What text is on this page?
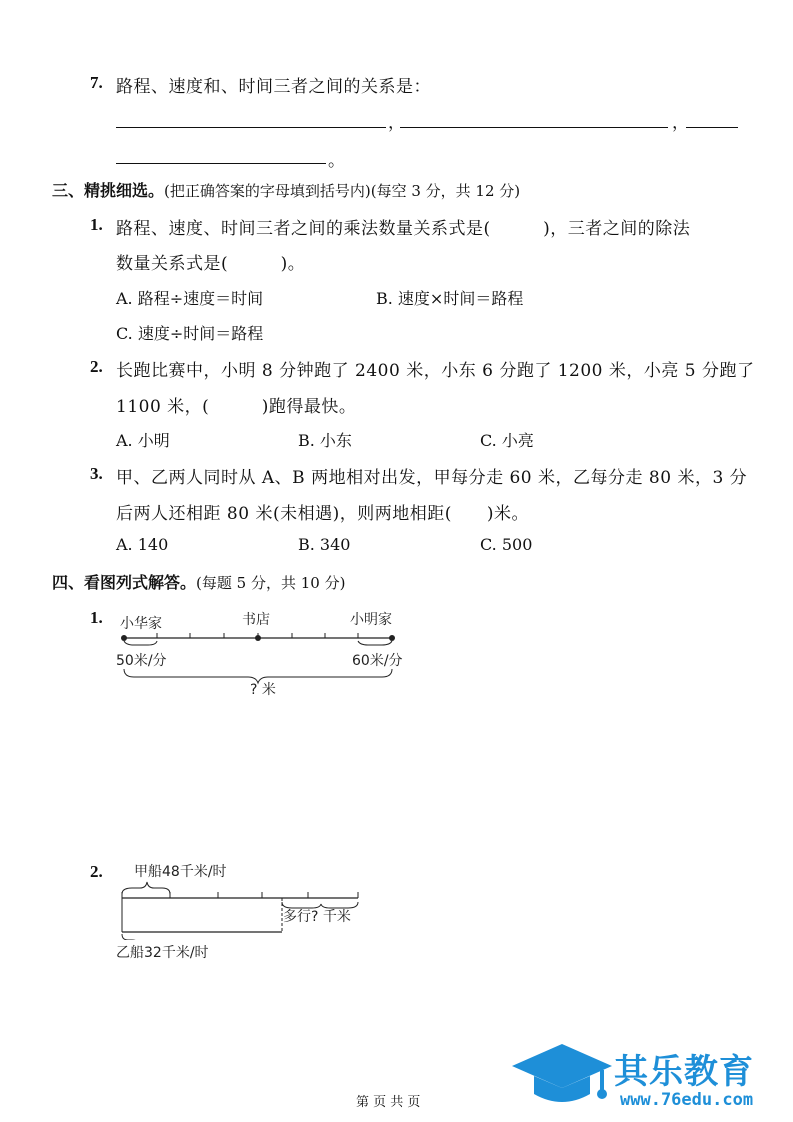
7. 路程、速度和、时间三者之间的关系是：
，	，
。
三、精挑细选。(把正确答案的字母填到括号内)(每空 3 分，共 12 分)
1. 路程、速度、时间三者之间的乘法数量关系式是(　　　)，三者之间的除法
数量关系式是(　　　)。
A. 路程÷速度＝时间	B. 速度×时间＝路程
C. 速度÷时间＝路程
2. 长跑比赛中，小明 8 分钟跑了 2400 米，小东 6 分跑了 1200 米，小亮 5 分跑了
1100 米，(　　　)跑得最快。
A. 小明	B. 小东	C. 小亮
3. 甲、乙两人同时从 A、B 两地相对出发，甲每分走 60 米，乙每分走 80 米，3 分
后两人还相距 80 米(未相遇)，则两地相距(　　)米。
A. 140	B. 340	C. 500
四、看图列式解答。(每题 5 分，共 10 分)
1. 小华家	书店	小明家
50米/分	60米/分
? 米
2. 甲船48千米/时
多行? 千米
乙船32千米/时
第 页 共 页
其乐教育
www.76edu.com
